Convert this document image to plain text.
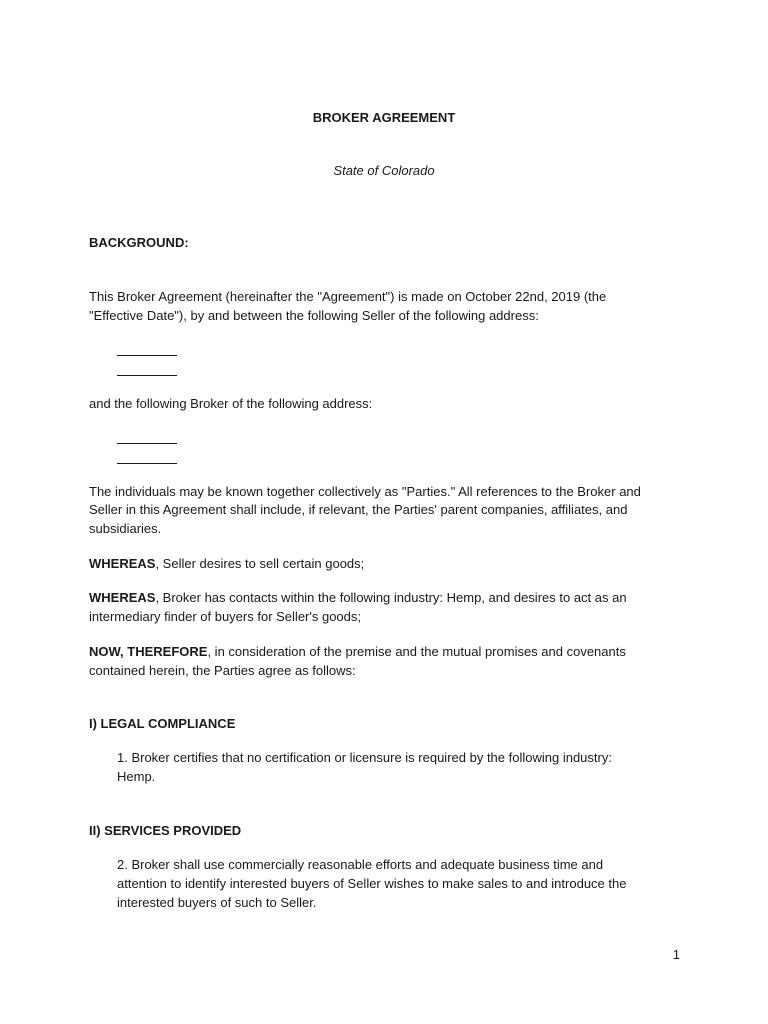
BROKER AGREEMENT
State of Colorado
BACKGROUND:
This Broker Agreement (hereinafter the "Agreement") is made on October 22nd, 2019 (the
"Effective Date"), by and between the following Seller of the following address:
and the following Broker of the following address:
The individuals may be known together collectively as "Parties." All references to the Broker and
Seller in this Agreement shall include, if relevant, the Parties' parent companies, affiliates, and
subsidiaries.
WHEREAS, Seller desires to sell certain goods;
WHEREAS, Broker has contacts within the following industry: Hemp, and desires to act as an
intermediary finder of buyers for Seller's goods;
NOW, THEREFORE, in consideration of the premise and the mutual promises and covenants
contained herein, the Parties agree as follows:
I) LEGAL COMPLIANCE
1. Broker certifies that no certification or licensure is required by the following industry:
Hemp.
II) SERVICES PROVIDED
2. Broker shall use commercially reasonable efforts and adequate business time and
attention to identify interested buyers of Seller wishes to make sales to and introduce the
interested buyers of such to Seller.
1
